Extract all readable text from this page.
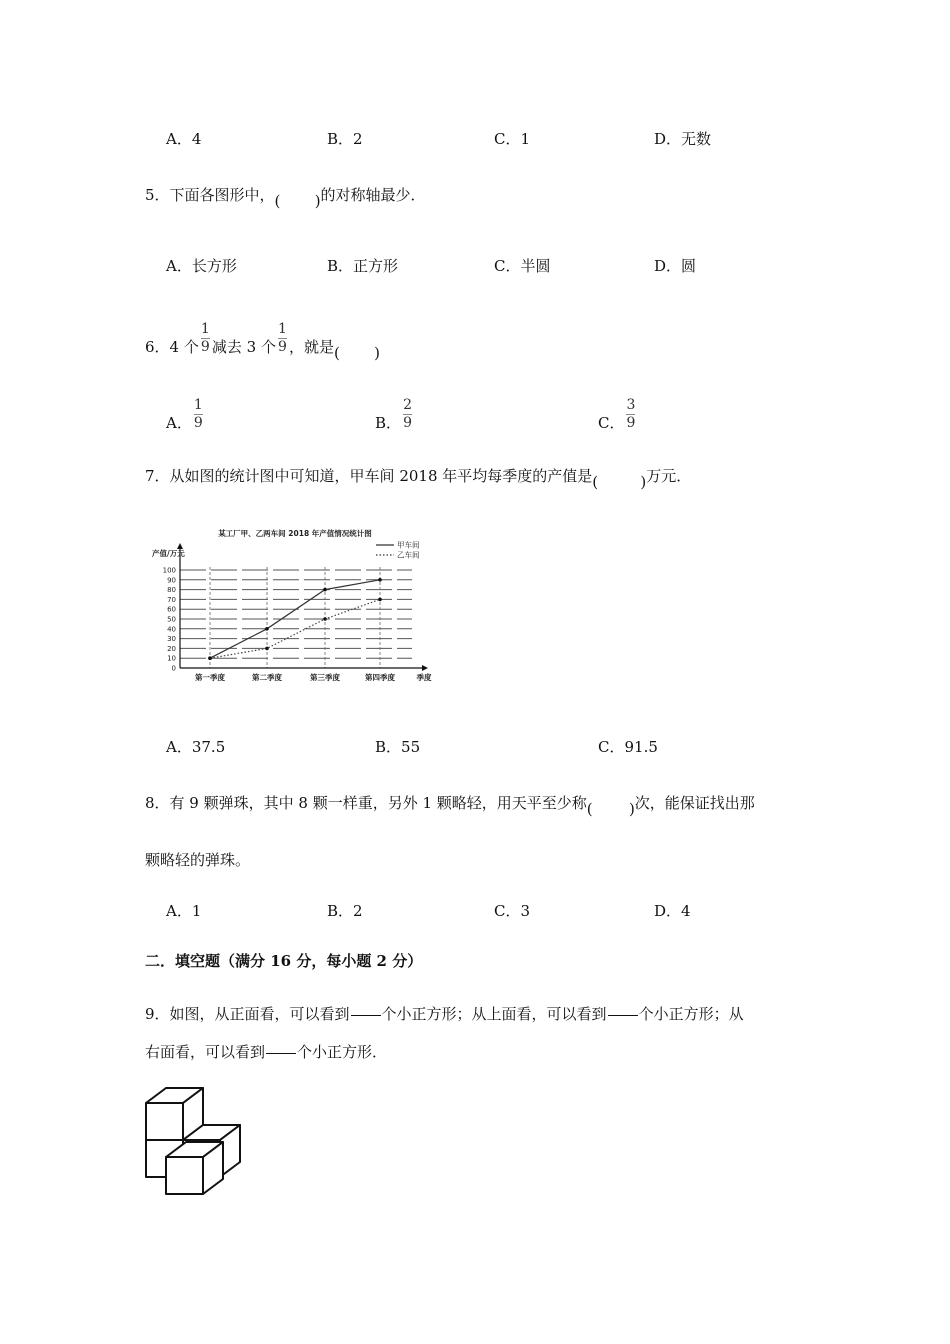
A．4	B．2	C．1	D．无数
5．下面各图形中， ( ) 的对称轴最少．
A．长方形	B．正方形	C．半圆	D．圆
6．4 个 $\frac{1}{9}$ 减去 3 个 $\frac{1}{9}$ ，就是 ( )
A． $\frac{1}{9}$	B． $\frac{2}{9}$	C． $\frac{3}{9}$
7．从如图的统计图中可知道，甲车间 2018 年平均每季度的产值是 (	) 万元．
某工厂甲、乙两车间 2018 年产值情况统计图
产值/万元
0
10
20
30
40
50
60
70
80
90
100
第一季度	第二季度	第三季度	第四季度	季度
甲车间
乙车间
A．37.5	B．55	C．91.5
8．有 9 颗弹珠，其中 8 颗一样重，另外 1 颗略轻，用天平至少称 ( ) 次，能保证找出那
颗略轻的弹珠。
A．1	B．2	C．3	D．4
二．填空题（满分 16 分，每小题 2 分）
9．如图，从正面看，可以看到 个小正方形；从上面看，可以看到 个小正方形；从
右面看，可以看到 个小正方形．
